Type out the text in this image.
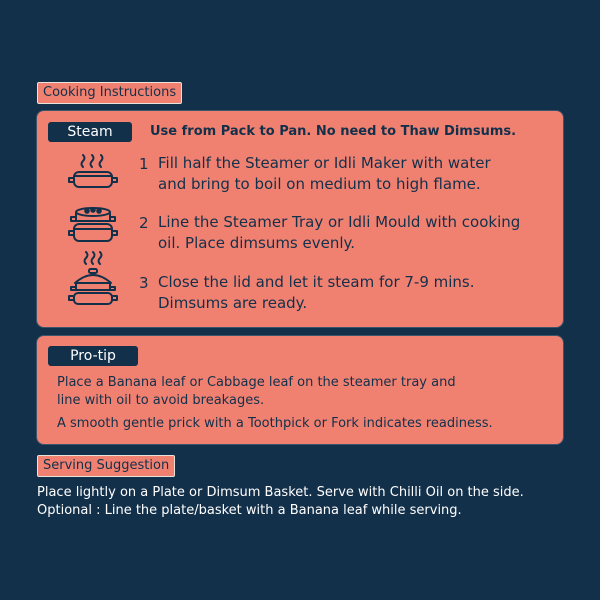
Cooking Instructions
Steam	Use from Pack to Pan. No need to Thaw Dimsums.
1 Fill half the Steamer or Idli Maker with water
and bring to boil on medium to high flame.
2 Line the Steamer Tray or Idli Mould with cooking
oil. Place dimsums evenly.
3 Close the lid and let it steam for 7-9 mins.
Dimsums are ready.
Pro-tip
Place a Banana leaf or Cabbage leaf on the steamer tray and
line with oil to avoid breakages.
A smooth gentle prick with a Toothpick or Fork indicates readiness.
Serving Suggestion
Place lightly on a Plate or Dimsum Basket. Serve with Chilli Oil on the side.
Optional : Line the plate/basket with a Banana leaf while serving.
